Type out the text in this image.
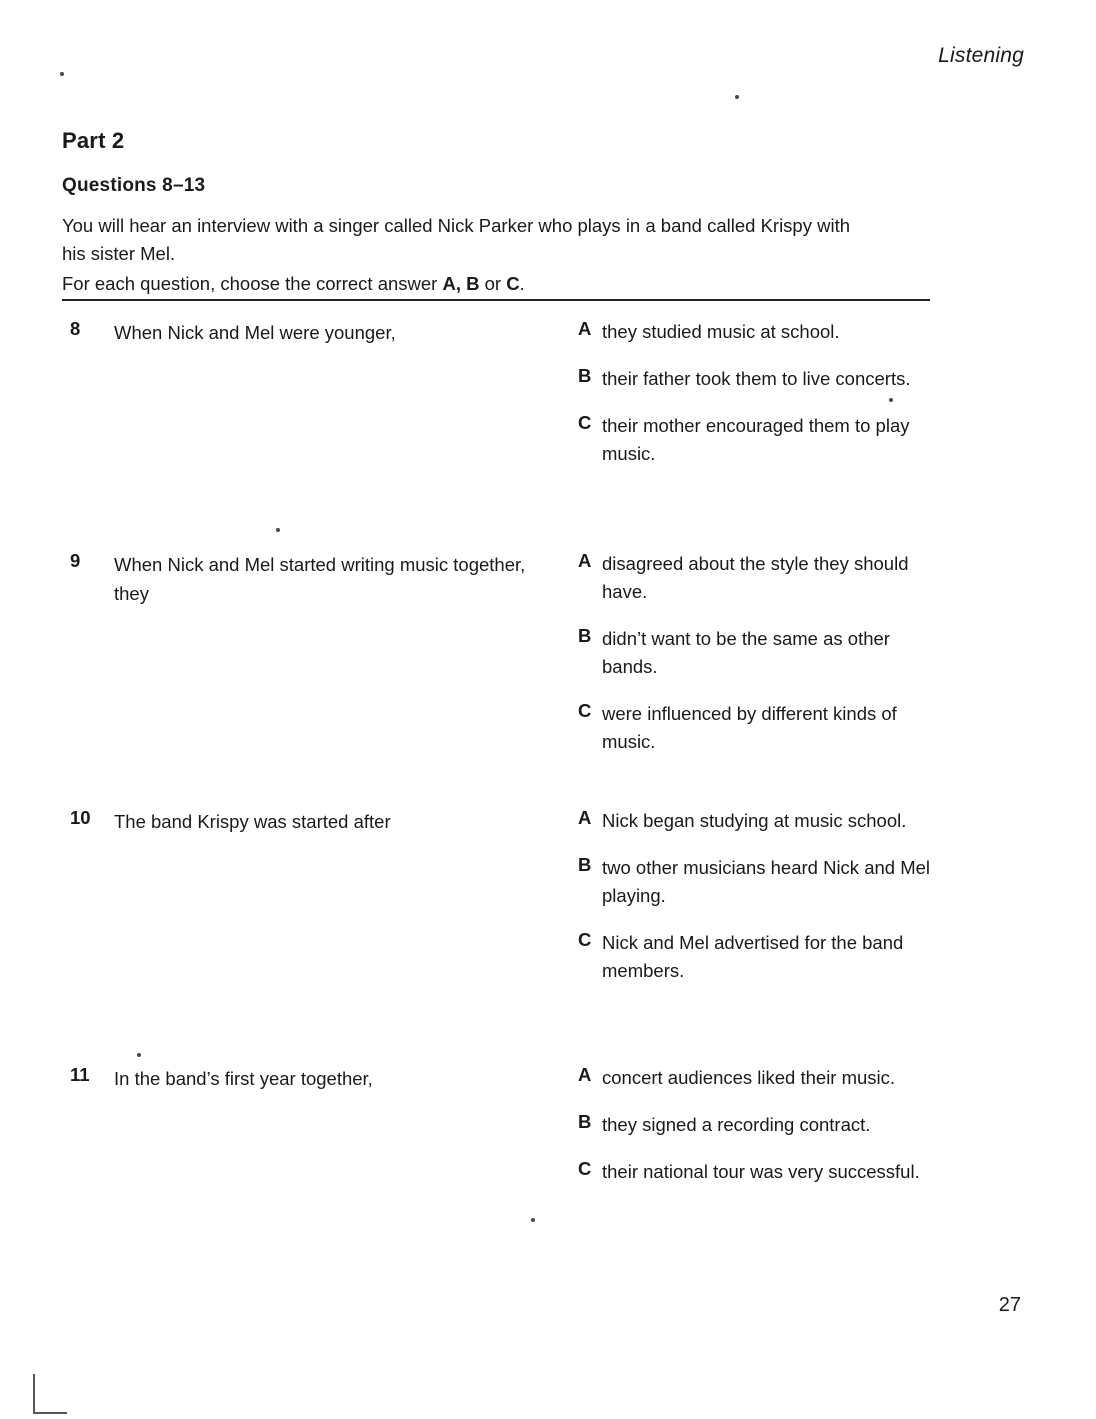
Listening
Part 2
Questions 8–13
You will hear an interview with a singer called Nick Parker who plays in a band called Krispy with
his sister Mel.
For each question, choose the correct answer A, B or C.
8	When Nick and Mel were younger,	A they studied music at school.
B their father took them to live concerts.
C their mother encouraged them to play music.
9	When Nick and Mel started writing music together, they
A disagreed about the style they should have.
B didn’t want to be the same as other bands.
C were influenced by different kinds of music.
10	The band Krispy was started after	A Nick began studying at music school.
B two other musicians heard Nick and Mel playing.
C Nick and Mel advertised for the band members.
11	In the band’s first year together,	A concert audiences liked their music.
B they signed a recording contract.
C their national tour was very successful.
27
